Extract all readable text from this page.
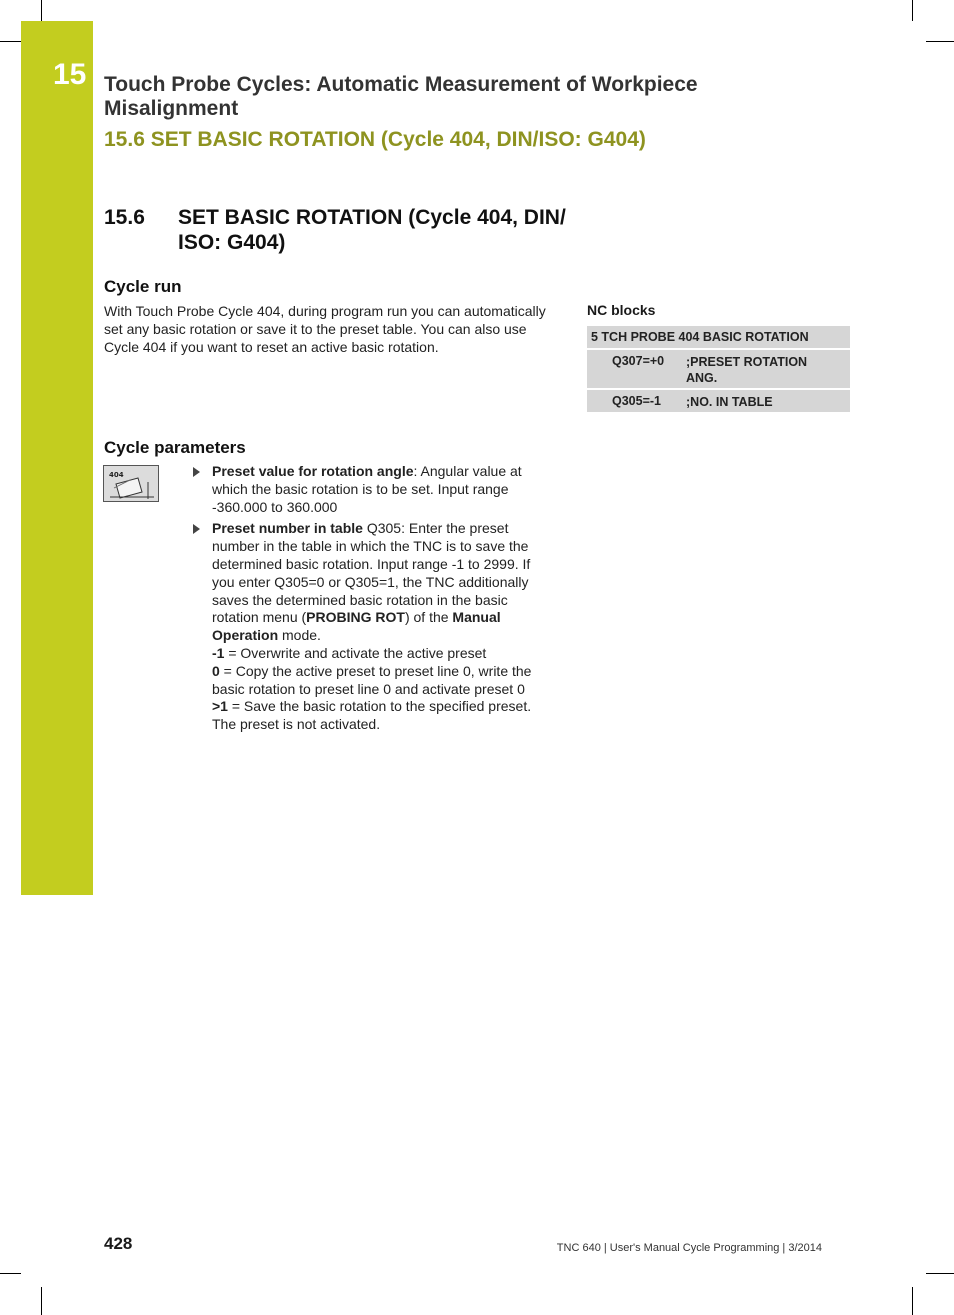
15 Touch Probe Cycles: Automatic Measurement of Workpiece Misalignment
15.6 SET BASIC ROTATION (Cycle 404, DIN/ISO: G404)
15.6 SET BASIC ROTATION (Cycle 404, DIN/ ISO: G404)
Cycle run
With Touch Probe Cycle 404, during program run you can automatically set any basic rotation or save it to the preset table. You can also use Cycle 404 if you want to reset an active basic rotation.
NC blocks
5 TCH PROBE 404 BASIC ROTATION
Q307=+0 ;PRESET ROTATION ANG.
Q305=-1 ;NO. IN TABLE
Cycle parameters
404	Preset value for rotation angle: Angular value at which the basic rotation is to be set. Input range -360.000 to 360.000
Preset number in table Q305: Enter the preset number in the table in which the TNC is to save the determined basic rotation. Input range -1 to 2999. If you enter Q305=0 or Q305=1, the TNC additionally saves the determined basic rotation in the basic rotation menu (PROBING ROT) of the Manual Operation mode.
-1 = Overwrite and activate the active preset
0 = Copy the active preset to preset line 0, write the basic rotation to preset line 0 and activate preset 0
>1 = Save the basic rotation to the specified preset. The preset is not activated.
428	TNC 640 | User's Manual Cycle Programming | 3/2014
